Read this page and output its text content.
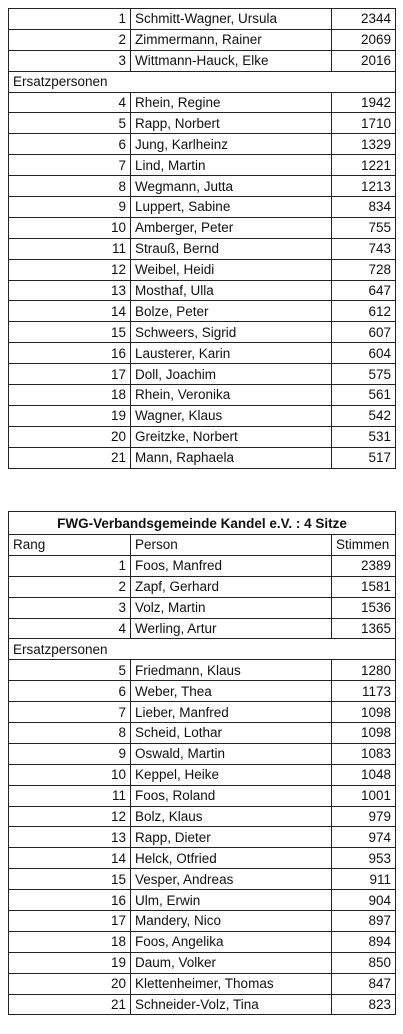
1	Schmitt-Wagner, Ursula	2344
2	Zimmermann, Rainer	2069
3	Wittmann-Hauck, Elke	2016
Ersatzpersonen		
4	Rhein, Regine	1942
5	Rapp, Norbert	1710
6	Jung, Karlheinz	1329
7	Lind, Martin	1221
8	Wegmann, Jutta	1213
9	Luppert, Sabine	834
10	Amberger, Peter	755
11	Strauß, Bernd	743
12	Weibel, Heidi	728
13	Mosthaf, Ulla	647
14	Bolze, Peter	612
15	Schweers, Sigrid	607
16	Lausterer, Karin	604
17	Doll, Joachim	575
18	Rhein, Veronika	561
19	Wagner, Klaus	542
20	Greitzke, Norbert	531
21	Mann, Raphaela	517
FWG-Verbandsgemeinde Kandel e.V. : 4 Sitze		
Rang	Person	Stimmen
1	Foos, Manfred	2389
2	Zapf, Gerhard	1581
3	Volz, Martin	1536
4	Werling, Artur	1365
Ersatzpersonen	
5	Friedmann, Klaus	1280
6	Weber, Thea	1173
7	Lieber, Manfred	1098
8	Scheid, Lothar	1098
9	Oswald, Martin	1083
10	Keppel, Heike	1048
11	Foos, Roland	1001
12	Bolz, Klaus	979
13	Rapp, Dieter	974
14	Helck, Otfried	953
15	Vesper, Andreas	911
16	Ulm, Erwin	904
17	Mandery, Nico	897
18	Foos, Angelika	894
19	Daum, Volker	850
20	Klettenheimer, Thomas	847
21	Schneider-Volz, Tina	823
